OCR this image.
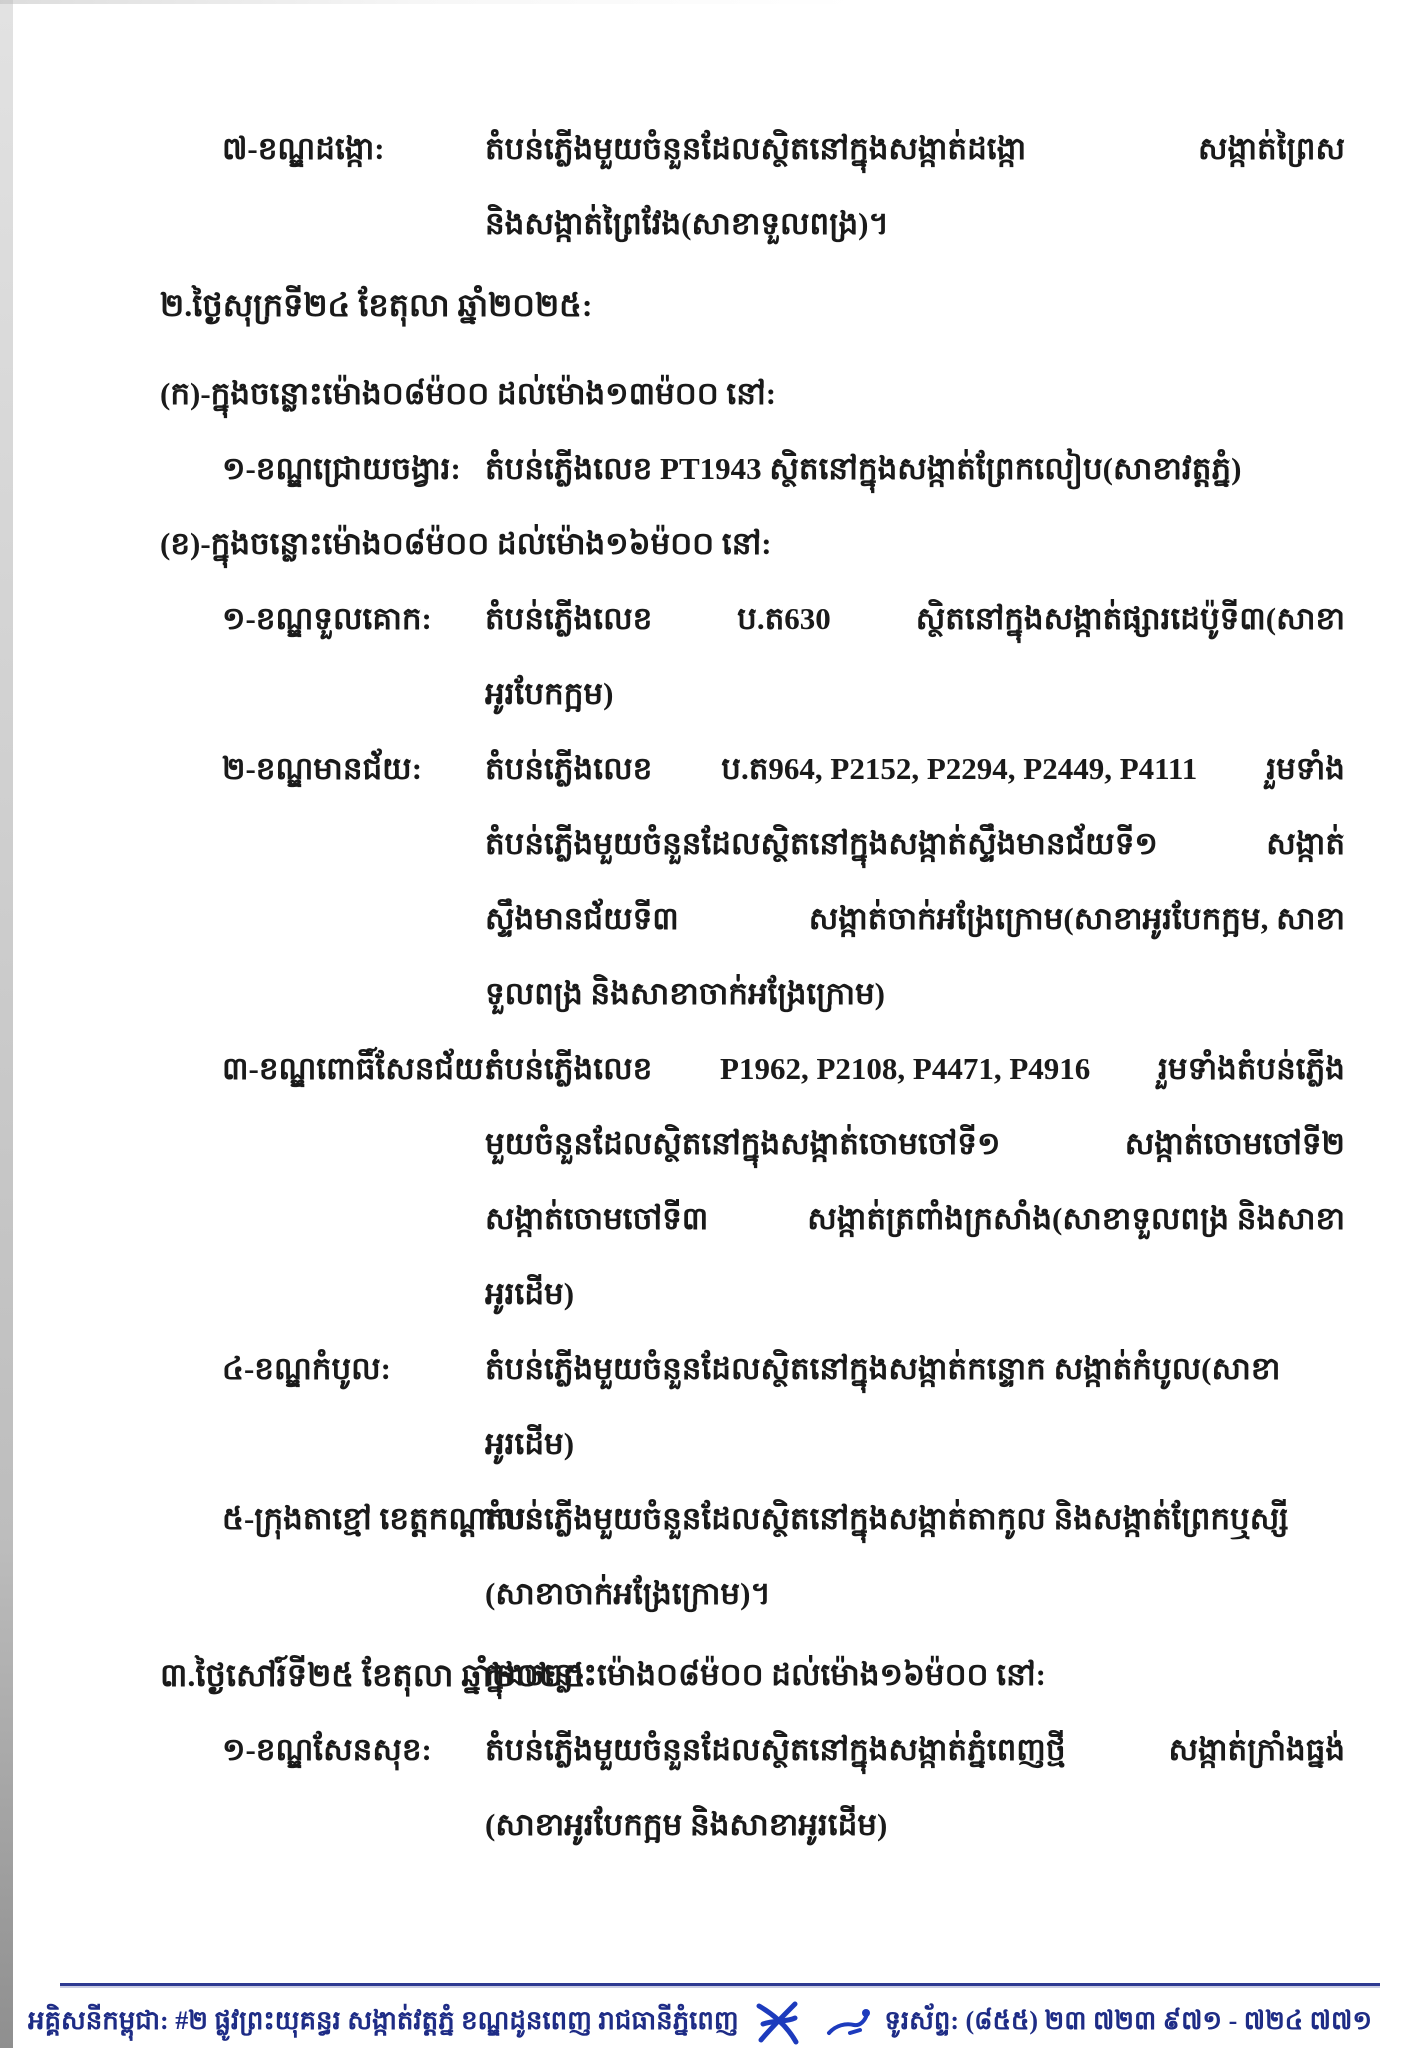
៧-ខណ្ឌដង្កោ:	តំបន់ភ្លើងមួយចំនួនដែលស្ថិតនៅក្នុងសង្កាត់ដង្កោ	សង្កាត់ព្រៃស
និងសង្កាត់ព្រៃវែង(សាខាទួលពង្រ)។
២.ថ្ងៃសុក្រទី២៤ ខែតុលា ឆ្នាំ២០២៥:
(ក)-ក្នុងចន្លោះម៉ោង០៨ម៉០០ ដល់ម៉ោង១៣ម៉០០ នៅ:
១-ខណ្ឌជ្រោយចង្វារ: តំបន់ភ្លើងលេខ PT1943 ស្ថិតនៅក្នុងសង្កាត់ព្រែកលៀប(សាខាវត្តភ្នំ)
(ខ)-ក្នុងចន្លោះម៉ោង០៨ម៉០០ ដល់ម៉ោង១៦ម៉០០ នៅ:
១-ខណ្ឌទួលគោក:	តំបន់ភ្លើងលេខ	ប.ត630	ស្ថិតនៅក្នុងសង្កាត់ផ្សារដេប៉ូទី៣(សាខា
អូរបែកក្អម)
២-ខណ្ឌមានជ័យ:	តំបន់ភ្លើងលេខ ប.ត964, P2152, P2294, P2449, P4111 រួមទាំង
តំបន់ភ្លើងមួយចំនួនដែលស្ថិតនៅក្នុងសង្កាត់ស្ទឹងមានជ័យទី១	សង្កាត់
ស្ទឹងមានជ័យទី៣	សង្កាត់ចាក់អង្រែក្រោម(សាខាអូរបែកក្អម, សាខា
ទួលពង្រ និងសាខាចាក់អង្រែក្រោម)
៣-ខណ្ឌពោធិ៍សែនជ័យ:
តំបន់ភ្លើងលេខ P1962, P2108, P4471, P4916 រួមទាំងតំបន់ភ្លើង
មួយចំនួនដែលស្ថិតនៅក្នុងសង្កាត់ចោមចៅទី១	សង្កាត់ចោមចៅទី២
សង្កាត់ចោមចៅទី៣	សង្កាត់ត្រពាំងក្រសាំង(សាខាទួលពង្រ និងសាខា
អូរដើម)
៤-ខណ្ឌកំបូល:	តំបន់ភ្លើងមួយចំនួនដែលស្ថិតនៅក្នុងសង្កាត់កន្ទោក សង្កាត់កំបូល(សាខា
អូរដើម)
៥-ក្រុងតាខ្មៅ ខេត្តកណ្ដាល:
តំបន់ភ្លើងមួយចំនួនដែលស្ថិតនៅក្នុងសង្កាត់តាកូល និងសង្កាត់ព្រែកឬស្សី
(សាខាចាក់អង្រែក្រោម)។
៣.ថ្ងៃសៅរ៍ទី២៥ ខែតុលា ឆ្នាំ២០២៥
ក្នុងចន្លោះម៉ោង០៨ម៉០០ ដល់ម៉ោង១៦ម៉០០ នៅ:
១-ខណ្ឌសែនសុខ:	តំបន់ភ្លើងមួយចំនួនដែលស្ថិតនៅក្នុងសង្កាត់ភ្នំពេញថ្មី	សង្កាត់ក្រាំងធ្នង់
(សាខាអូរបែកក្អម និងសាខាអូរដើម)
អគ្គិសនីកម្ពុជា: #២ ផ្លូវព្រះយុគន្ធរ សង្កាត់វត្តភ្នំ ខណ្ឌដូនពេញ រាជធានីភ្នំពេញ	ទូរស័ព្ទ: (៨៥៥) ២៣ ៧២៣ ៩៧១ - ៧២៤ ៧៧១
